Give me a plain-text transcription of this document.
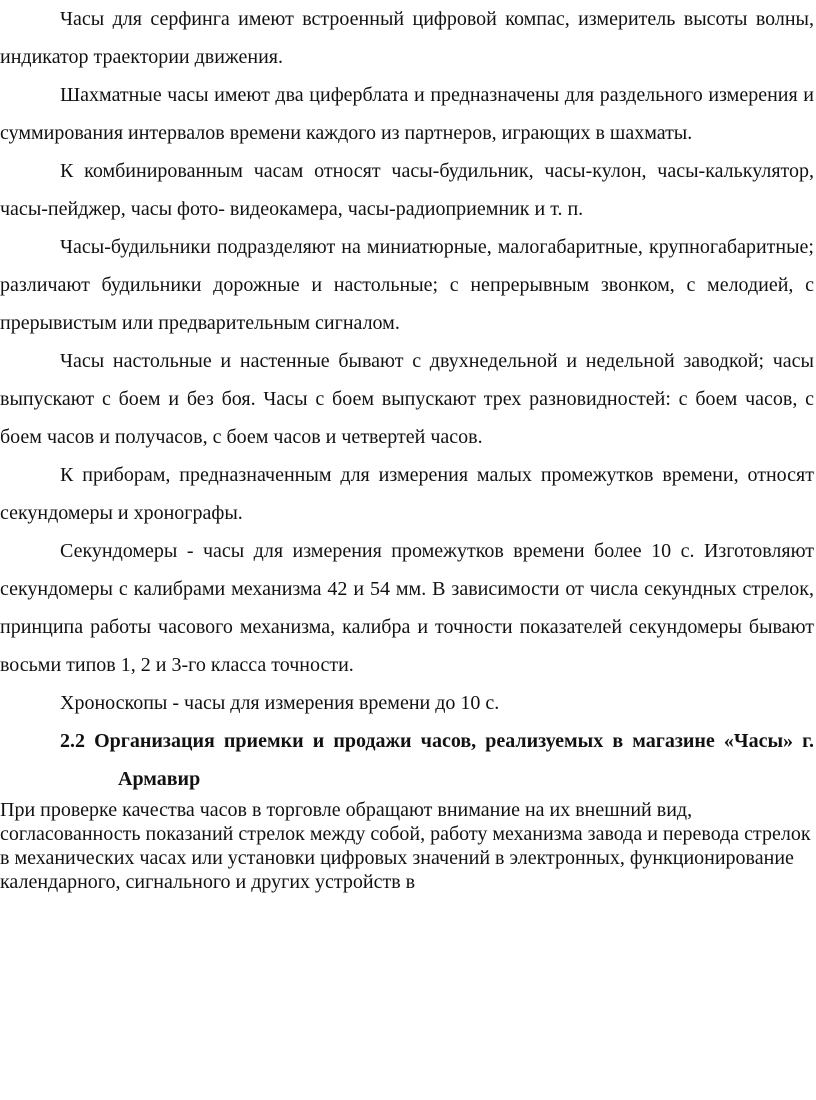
Часы для серфинга имеют встроенный цифровой компас, измеритель высоты волны, индикатор траектории движения.

Шахматные часы имеют два циферблата и предназначены для раздельного измерения и суммирования интервалов времени каждого из партнеров, играющих в шахматы.

К комбинированным часам относят часы-будильник, часы-кулон, часы-калькулятор, часы-пейджер, часы фото- видеокамера, часы-радиоприемник и т. п.

Часы-будильники подразделяют на миниатюрные, малогабаритные, крупногабаритные; различают будильники дорожные и настольные; с непрерывным звонком, с мелодией, с прерывистым или предварительным сигналом.

Часы настольные и настенные бывают с двухнедельной и недельной заводкой; часы выпускают с боем и без боя. Часы с боем выпускают трех разновидностей: с боем часов, с боем часов и получасов, с боем часов и четвертей часов.

К приборам, предназначенным для измерения малых промежутков времени, относят секундомеры и хронографы.

Секундомеры - часы для измерения промежутков времени более 10 с. Изготовляют секундомеры с калибрами механизма 42 и 54 мм. В зависимости от числа секундных стрелок, принципа работы часового механизма, калибра и точности показателей секундомеры бывают восьми типов 1, 2 и 3-го класса точности.

Хроноскопы - часы для измерения времени до 10 с.

2.2 Организация приемки и продажи часов, реализуемых в магазине «Часы» г. Армавир

При проверке качества часов в торговле обращают внимание на их внешний вид, согласованность показаний стрелок между собой, работу механизма завода и перевода стрелок в механических часах или установки цифровых значений в электронных, функционирование календарного, сигнального и других устройств в
